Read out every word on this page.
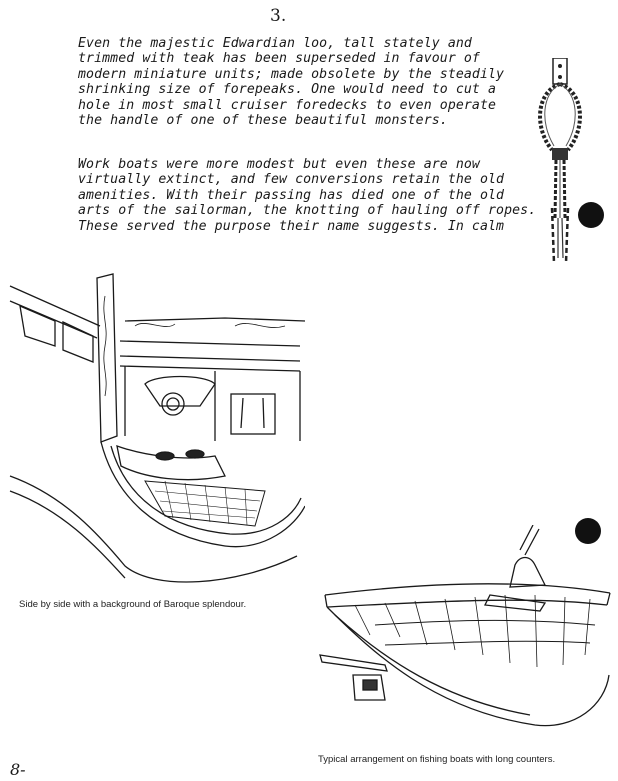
3.
Even the majestic Edwardian loo, tall stately and
trimmed with teak has been superseded in favour of
modern miniature units; made obsolete by the steadily
shrinking size of forepeaks. One would need to cut a
hole in most small cruiser foredecks to even operate
the handle of one of these beautiful monsters.
Work boats were more modest but even these are now
virtually extinct, and few conversions retain the old
amenities. With their passing has died one of the old
arts of the sailorman, the knotting of hauling off ropes.
These served the purpose their name suggests. In calm
Side by side with a background of Baroque splendour.
Typical arrangement on fishing boats with long counters.
8-
